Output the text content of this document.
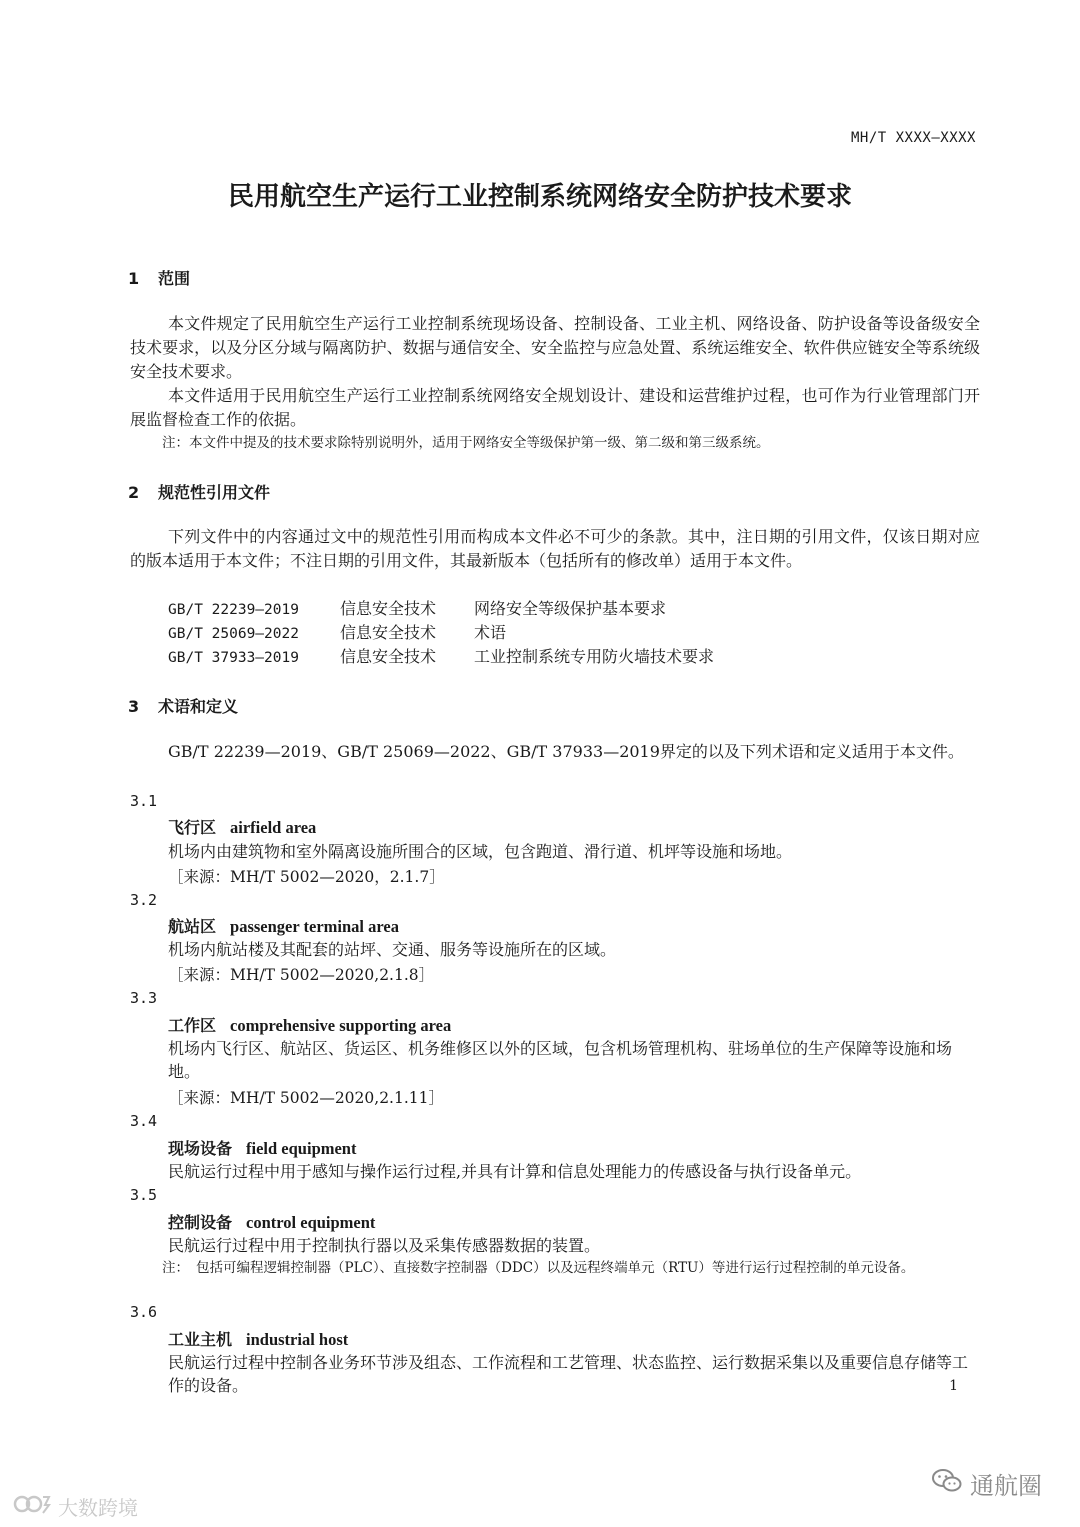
MH/T XXXX—XXXX
民用航空生产运行工业控制系统网络安全防护技术要求
1 范围
本文件规定了民用航空生产运行工业控制系统现场设备、控制设备、工业主机、网络设备、防护设备等设备级安全技术要求，以及分区分域与隔离防护、数据与通信安全、安全监控与应急处置、系统运维安全、软件供应链安全等系统级安全技术要求。
本文件适用于民用航空生产运行工业控制系统网络安全规划设计、建设和运营维护过程，也可作为行业管理部门开展监督检查工作的依据。
注：本文件中提及的技术要求除特别说明外，适用于网络安全等级保护第一级、第二级和第三级系统。
2 规范性引用文件
下列文件中的内容通过文中的规范性引用而构成本文件必不可少的条款。其中，注日期的引用文件，仅该日期对应的版本适用于本文件；不注日期的引用文件，其最新版本（包括所有的修改单）适用于本文件。
GB/T 22239—2019	信息安全技术 网络安全等级保护基本要求
GB/T 25069—2022	信息安全技术 术语
GB/T 37933—2019	信息安全技术 工业控制系统专用防火墙技术要求
3 术语和定义
GB/T 22239—2019、GB/T 25069—2022、GB/T 37933—2019界定的以及下列术语和定义适用于本文件。
3.1
飞行区 airfield area
机场内由建筑物和室外隔离设施所围合的区域，包含跑道、滑行道、机坪等设施和场地。
［来源：MH/T 5002—2020，2.1.7］
3.2
航站区 passenger terminal area
机场内航站楼及其配套的站坪、交通、服务等设施所在的区域。
［来源：MH/T 5002—2020,2.1.8］
3.3
工作区 comprehensive supporting area
机场内飞行区、航站区、货运区、机务维修区以外的区域，包含机场管理机构、驻场单位的生产保障等设施和场地。
［来源：MH/T 5002—2020,2.1.11］
3.4
现场设备 field equipment
民航运行过程中用于感知与操作运行过程,并具有计算和信息处理能力的传感设备与执行设备单元。
3.5
控制设备 control equipment
民航运行过程中用于控制执行器以及采集传感器数据的装置。
注： 包括可编程逻辑控制器（PLC）、直接数字控制器（DDC）以及远程终端单元（RTU）等进行运行过程控制的单元设备。
3.6
工业主机 industrial host
民航运行过程中控制各业务环节涉及组态、工作流程和工艺管理、状态监控、运行数据采集以及重要信息存储等工作的设备。	1
通航圈
大数跨境
